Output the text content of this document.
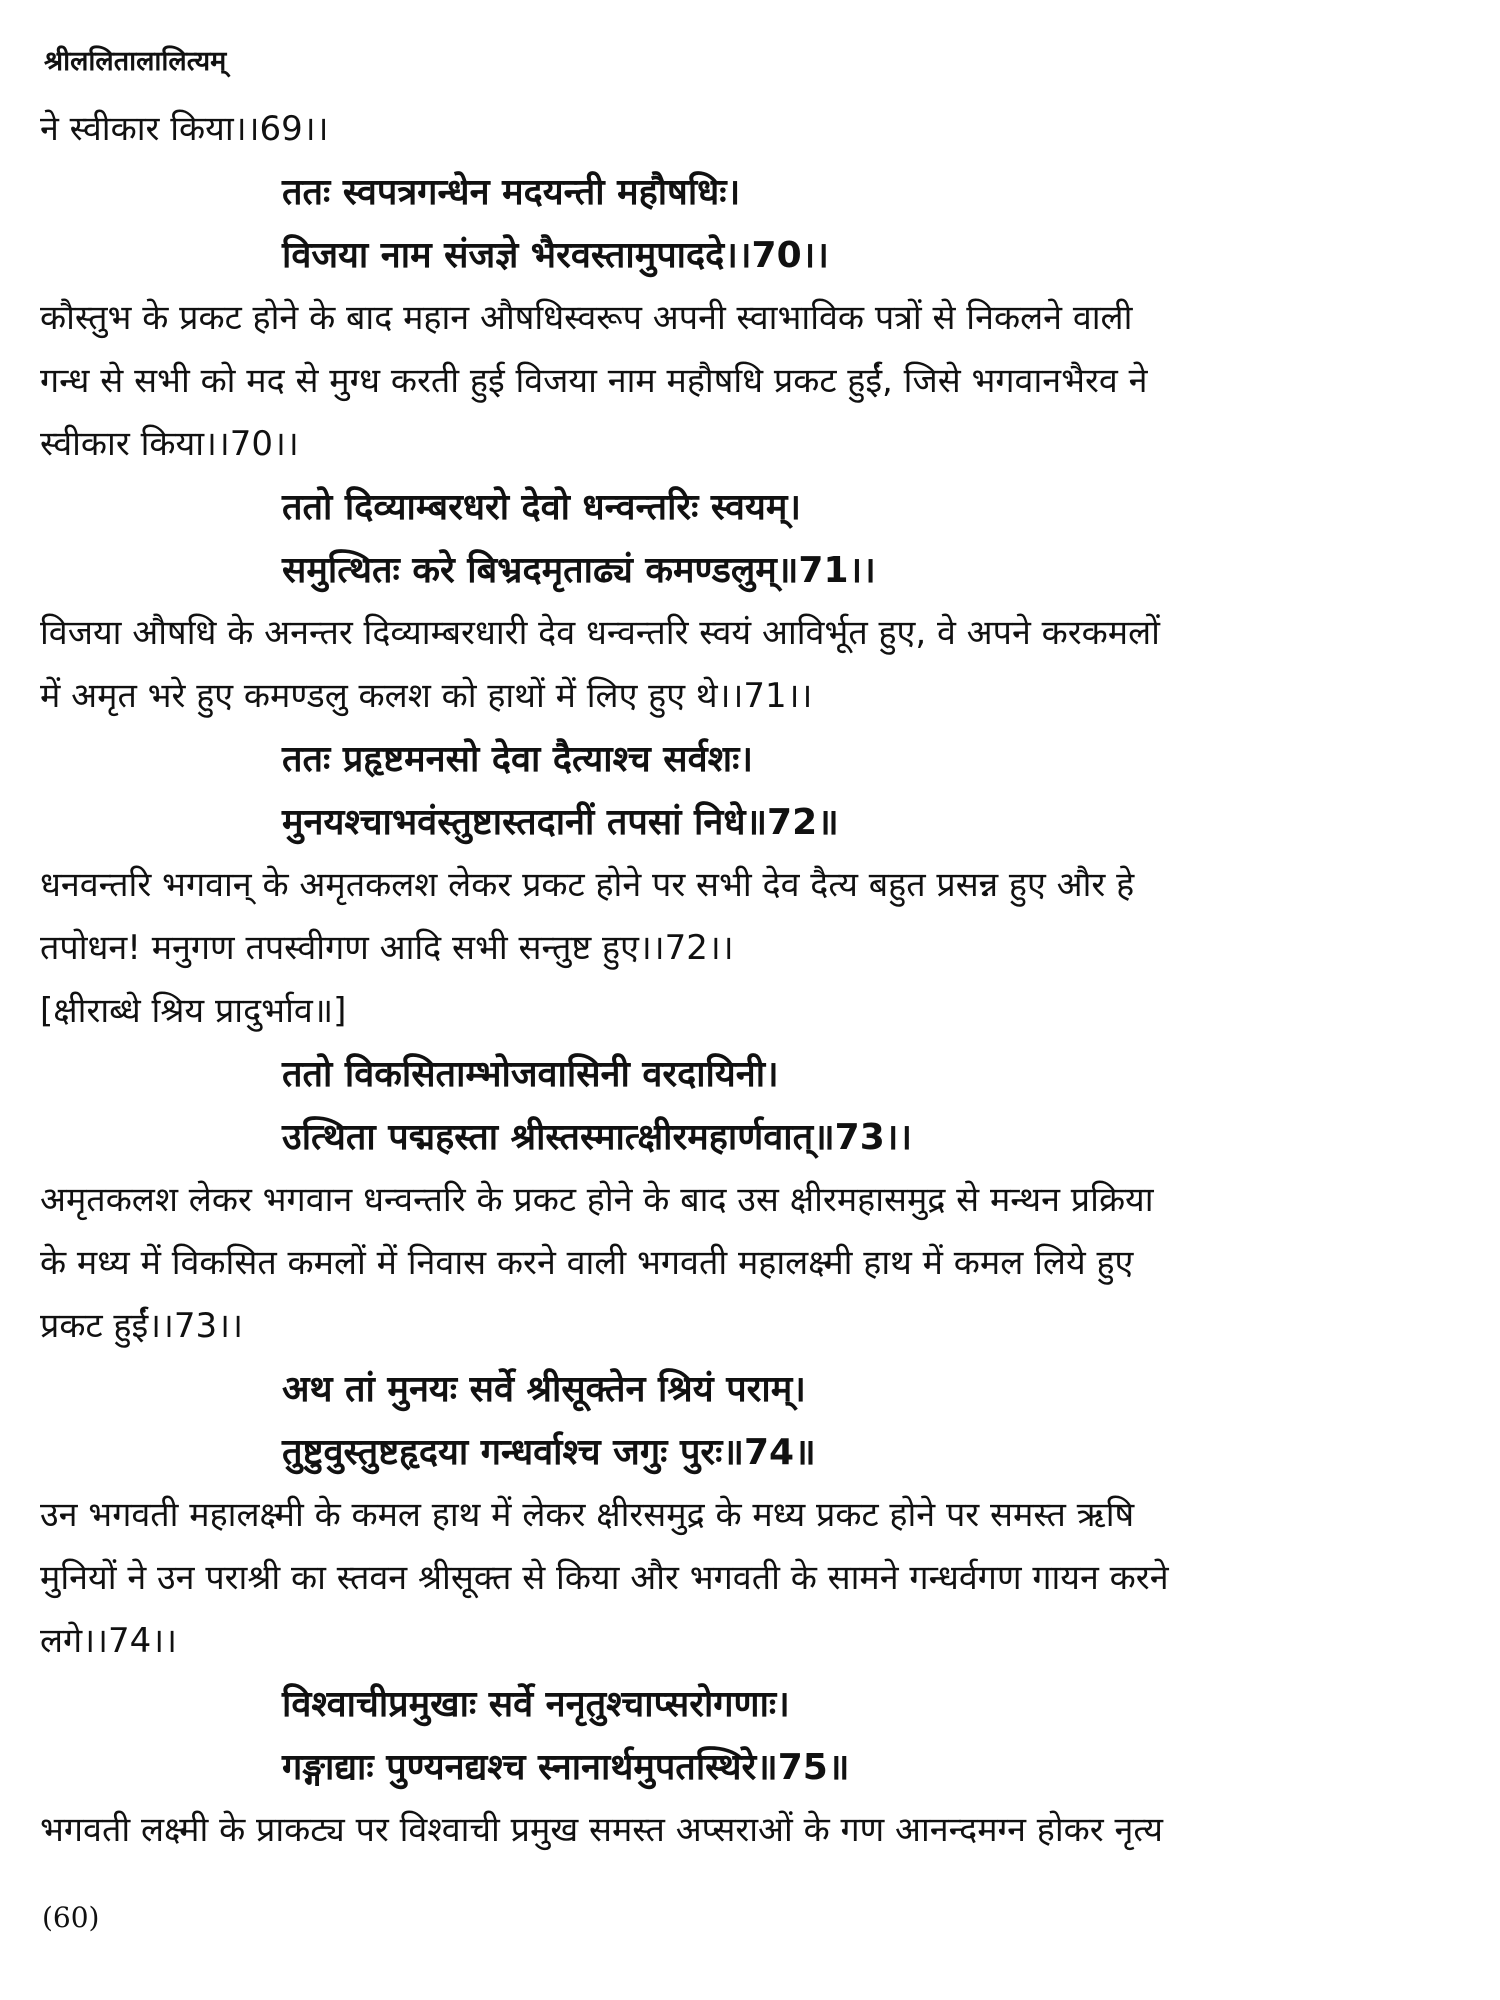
श्रीललितालालित्यम्
ने स्वीकार किया।।69।।
ततः स्वपत्रगन्धेन मदयन्ती महौषधिः।
विजया नाम संजज्ञे भैरवस्तामुपाददे।।70।।
कौस्तुभ के प्रकट होने के बाद महान औषधिस्वरूप अपनी स्वाभाविक पत्रों से निकलने वाली
गन्ध से सभी को मद से मुग्ध करती हुई विजया नाम महौषधि प्रकट हुईं, जिसे भगवानभैरव ने
स्वीकार किया।।70।।
ततो दिव्याम्बरधरो देवो धन्वन्तरिः स्वयम्।
समुत्थितः करे बिभ्रदमृताढ्यं कमण्डलुम्॥71।।
विजया औषधि के अनन्तर दिव्याम्बरधारी देव धन्वन्तरि स्वयं आविर्भूत हुए, वे अपने करकमलों
में अमृत भरे हुए कमण्डलु कलश को हाथों में लिए हुए थे।।71।।
ततः प्रहृष्टमनसो देवा दैत्याश्च सर्वशः।
मुनयश्चाभवंस्तुष्टास्तदानीं तपसां निधे॥72॥
धनवन्तरि भगवान् के अमृतकलश लेकर प्रकट होने पर सभी देव दैत्य बहुत प्रसन्न हुए और हे
तपोधन! मनुगण तपस्वीगण आदि सभी सन्तुष्ट हुए।।72।।
[क्षीराब्धे श्रिय प्रादुर्भाव॥]
ततो विकसिताम्भोजवासिनी वरदायिनी।
उत्थिता पद्महस्ता श्रीस्तस्मात्क्षीरमहार्णवात्॥73।।
अमृतकलश लेकर भगवान धन्वन्तरि के प्रकट होने के बाद उस क्षीरमहासमुद्र से मन्थन प्रक्रिया
के मध्य में विकसित कमलों में निवास करने वाली भगवती महालक्ष्मी हाथ में कमल लिये हुए
प्रकट हुईं।।73।।
अथ तां मुनयः सर्वे श्रीसूक्तेन श्रियं पराम्।
तुष्टुवुस्तुष्टहृदया गन्धर्वाश्च जगुः पुरः॥74॥
उन भगवती महालक्ष्मी के कमल हाथ में लेकर क्षीरसमुद्र के मध्य प्रकट होने पर समस्त ऋषि
मुनियों ने उन पराश्री का स्तवन श्रीसूक्त से किया और भगवती के सामने गन्धर्वगण गायन करने
लगे।।74।।
विश्वाचीप्रमुखाः सर्वे ननृतुश्चाप्सरोगणाः।
गङ्गाद्याः पुण्यनद्यश्च स्नानार्थमुपतस्थिरे॥75॥
भगवती लक्ष्मी के प्राकट्य पर विश्वाची प्रमुख समस्त अप्सराओं के गण आनन्दमग्न होकर नृत्य
(60)
